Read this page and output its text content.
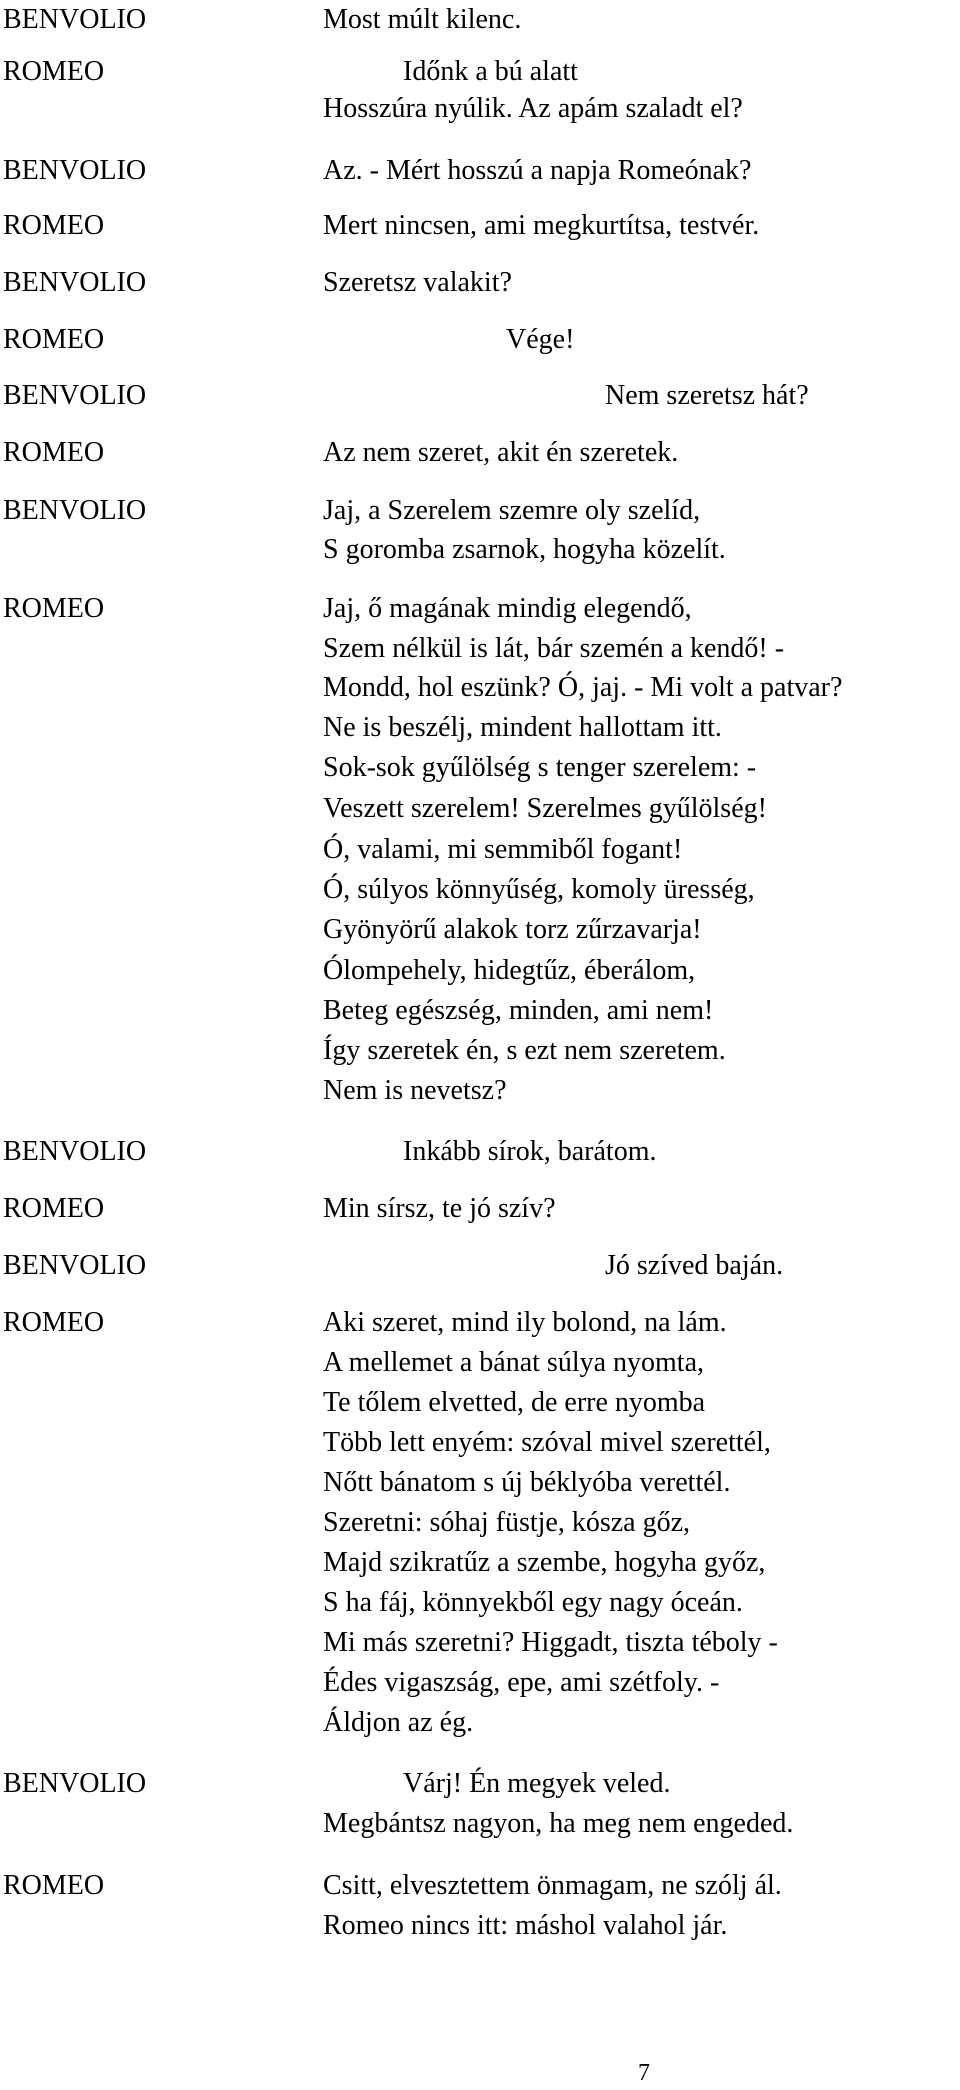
BENVOLIO	Most múlt kilenc.
ROMEO	Időnk a bú alatt
Hosszúra nyúlik. Az apám szaladt el?
BENVOLIO	Az. - Mért hosszú a napja Romeónak?
ROMEO	Mert nincsen, ami megkurtítsa, testvér.
BENVOLIO	Szeretsz valakit?
ROMEO	Vége!
BENVOLIO	Nem szeretsz hát?
ROMEO	Az nem szeret, akit én szeretek.
BENVOLIO	Jaj, a Szerelem szemre oly szelíd,
S goromba zsarnok, hogyha közelít.
ROMEO	Jaj, ő magának mindig elegendő,
Szem nélkül is lát, bár szemén a kendő! -
Mondd, hol eszünk? Ó, jaj. - Mi volt a patvar?
Ne is beszélj, mindent hallottam itt.
Sok-sok gyűlölség s tenger szerelem: -
Veszett szerelem! Szerelmes gyűlölség!
Ó, valami, mi semmiből fogant!
Ó, súlyos könnyűség, komoly üresség,
Gyönyörű alakok torz zűrzavarja!
Ólompehely, hidegtűz, éberálom,
Beteg egészség, minden, ami nem!
Így szeretek én, s ezt nem szeretem.
Nem is nevetsz?
BENVOLIO	Inkább sírok, barátom.
ROMEO	Min sírsz, te jó szív?
BENVOLIO	Jó szíved baján.
ROMEO	Aki szeret, mind ily bolond, na lám.
A mellemet a bánat súlya nyomta,
Te tőlem elvetted, de erre nyomba
Több lett enyém: szóval mivel szerettél,
Nőtt bánatom s új béklyóba verettél.
Szeretni: sóhaj füstje, kósza gőz,
Majd szikratűz a szembe, hogyha győz,
S ha fáj, könnyekből egy nagy óceán.
Mi más szeretni? Higgadt, tiszta téboly -
Édes vigaszság, epe, ami szétfoly. -
Áldjon az ég.
BENVOLIO	Várj! Én megyek veled.
Megbántsz nagyon, ha meg nem engeded.
ROMEO	Csitt, elvesztettem önmagam, ne szólj ál.
Romeo nincs itt: máshol valahol jár.
7
